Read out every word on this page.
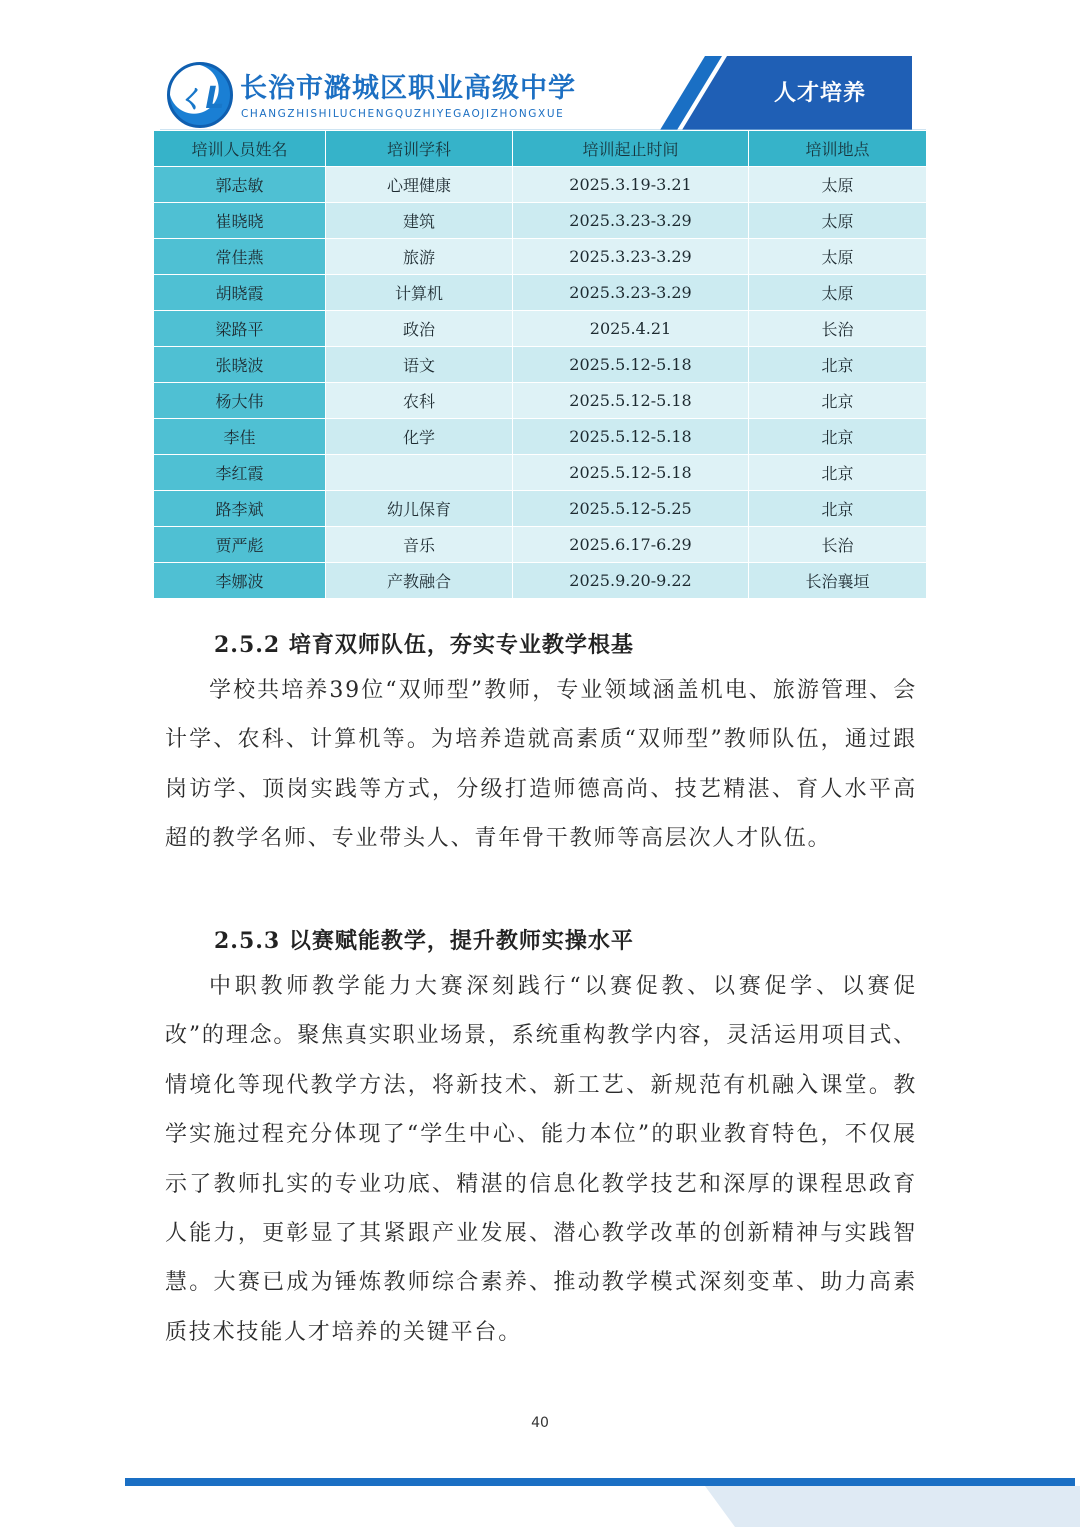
ㄑL 长治市潞城区职业高级中学
CHANGZHISHILUCHENGQUZHIYEGAOJIZHONGXUE
人才培养
培训人员姓名	培训学科	培训起止时间	培训地点
郭志敏	心理健康	2025.3.19-3.21	太原
崔晓晓	建筑	2025.3.23-3.29	太原
常佳燕	旅游	2025.3.23-3.29	太原
胡晓霞	计算机	2025.3.23-3.29	太原
梁路平	政治	2025.4.21	长治
张晓波	语文	2025.5.12-5.18	北京
杨大伟	农科	2025.5.12-5.18	北京
李佳	化学	2025.5.12-5.18	北京
李红霞		2025.5.12-5.18	北京
路李斌	幼儿保育	2025.5.12-5.25	北京
贾严彪	音乐	2025.6.17-6.29	长治
李娜波	产教融合	2025.9.20-9.22	长治襄垣
2.5.2 培育双师队伍，夯实专业教学根基

学校共培养39位“双师型”教师，专业领域涵盖机电、旅游管理、会计学、农科、计算机等。为培养造就高素质“双师型”教师队伍，通过跟岗访学、顶岗实践等方式，分级打造师德高尚、技艺精湛、育人水平高超的教学名师、专业带头人、青年骨干教师等高层次人才队伍。

2.5.3 以赛赋能教学，提升教师实操水平

中职教师教学能力大赛深刻践行“以赛促教、以赛促学、以赛促改”的理念。聚焦真实职业场景，系统重构教学内容，灵活运用项目式、情境化等现代教学方法，将新技术、新工艺、新规范有机融入课堂。教学实施过程充分体现了“学生中心、能力本位”的职业教育特色，不仅展示了教师扎实的专业功底、精湛的信息化教学技艺和深厚的课程思政育人能力，更彰显了其紧跟产业发展、潜心教学改革的创新精神与实践智慧。大赛已成为锤炼教师综合素养、推动教学模式深刻变革、助力高素质技术技能人才培养的关键平台。

40
